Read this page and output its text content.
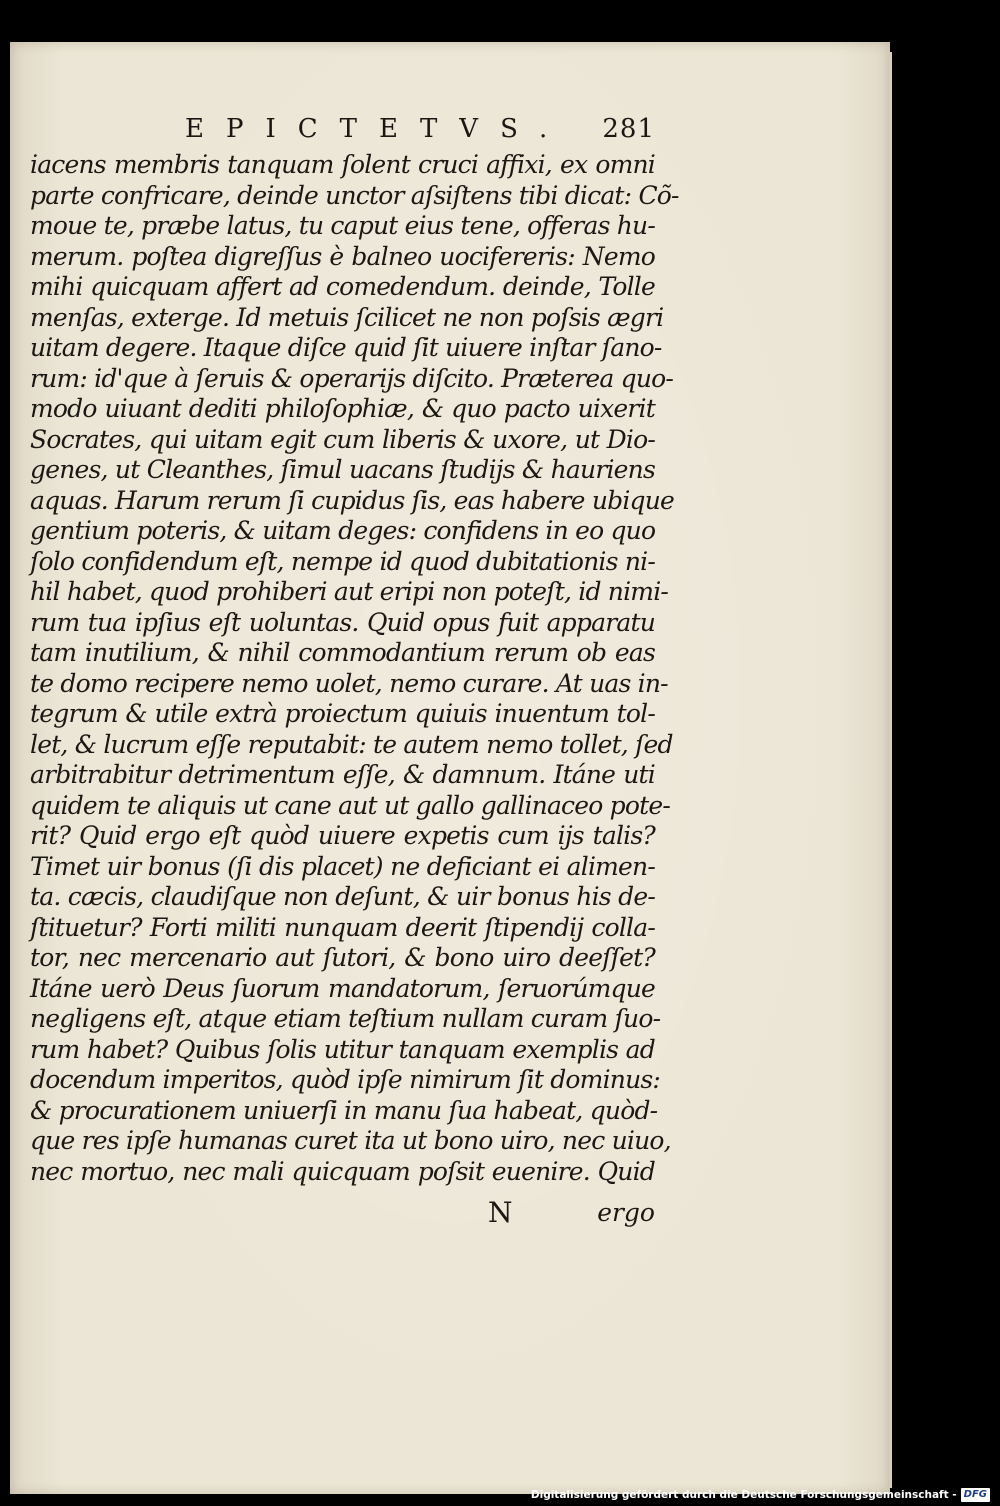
EPICTETVS. 281
iacens membris tanquam ſolent cruci affixi, ex omni
parte confricare, deinde unctor aſsiſtens tibi dicat: Cõ-
moue te, præbe latus, tu caput eius tene, offeras hu-
merum. poſtea digreſſus è balneo uocifereris: Nemo
mihi quicquam affert ad comedendum. deinde, Tolle
menſas, exterge. Id metuis ſcilicet ne non poſsis ægri
uitam degere. Itaque diſce quid ſit uiuere inſtar ſano-
rum: id'que à ſeruis & operarijs diſcito. Præterea quo-
modo uiuant dediti philoſophiæ, & quo pacto uixerit
Socrates, qui uitam egit cum liberis & uxore, ut Dio-
genes, ut Cleanthes, ſimul uacans ſtudijs & hauriens
aquas. Harum rerum ſi cupidus ſis, eas habere ubique
gentium poteris, & uitam deges: confidens in eo quo
ſolo confidendum eſt, nempe id quod dubitationis ni-
hil habet, quod prohiberi aut eripi non poteſt, id nimi-
rum tua ipſius eſt uoluntas. Quid opus fuit apparatu
tam inutilium, & nihil commodantium rerum ob eas
te domo recipere nemo uolet, nemo curare. At uas in-
tegrum & utile extrà proiectum quiuis inuentum tol-
let, & lucrum eſſe reputabit: te autem nemo tollet, ſed
arbitrabitur detrimentum eſſe, & damnum. Itáne uti
quidem te aliquis ut cane aut ut gallo gallinaceo pote-
rit? Quid ergo eſt quòd uiuere expetis cum ijs talis?
Timet uir bonus (ſi dis placet) ne deficiant ei alimen-
ta. cæcis, claudiſque non deſunt, & uir bonus his de-
ſtituetur? Forti militi nunquam deerit ſtipendij colla-
tor, nec mercenario aut ſutori, & bono uiro deeſſet?
Itáne uerò Deus ſuorum mandatorum, ſeruorúmque
negligens eſt, atque etiam teſtium nullam curam ſuo-
rum habet? Quibus ſolis utitur tanquam exemplis ad
docendum imperitos, quòd ipſe nimirum ſit dominus:
& procurationem uniuerſi in manu ſua habeat, quòd-
que res ipſe humanas curet ita ut bono uiro, nec uiuo,
nec mortuo, nec mali quicquam poſsit euenire. Quid
N	ergo
Digitalisierung gefördert durch die Deutsche Forschungsgemeinschaft - DFG
